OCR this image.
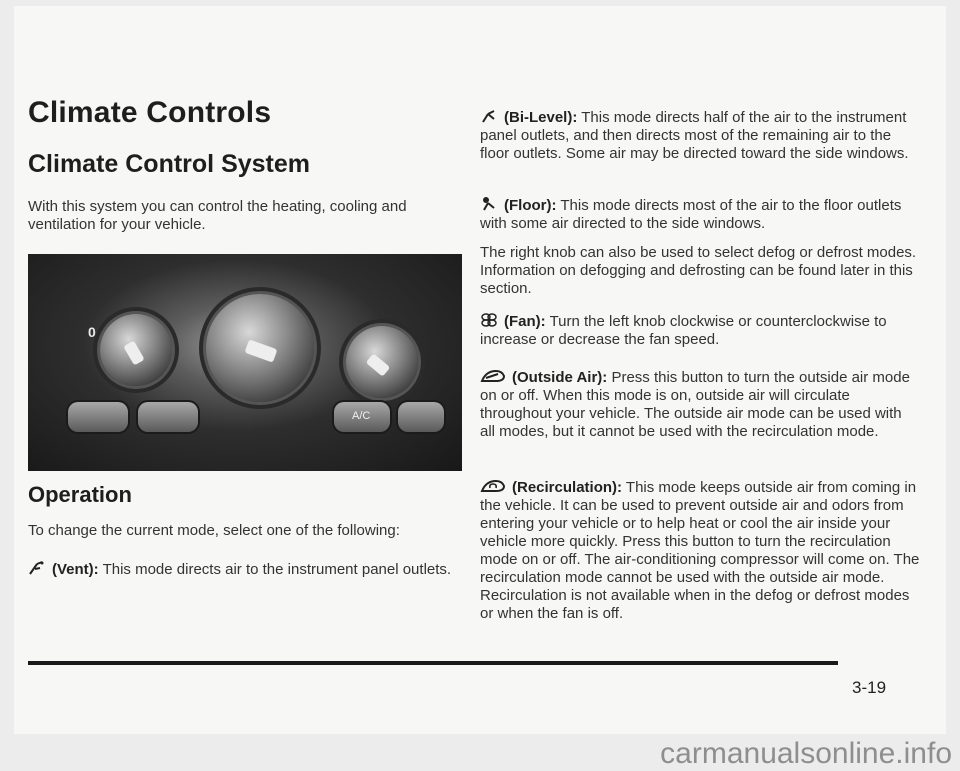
Climate Controls
Climate Control System

With this system you can control the heating, cooling and ventilation for your vehicle.

0
A/C
Operation

To change the current mode, select one of the following:

(Vent): This mode directs air to the instrument panel outlets.

(Bi-Level): This mode directs half of the air to the instrument panel outlets, and then directs most of the remaining air to the floor outlets. Some air may be directed toward the side windows.

(Floor): This mode directs most of the air to the floor outlets with some air directed to the side windows.

The right knob can also be used to select defog or defrost modes. Information on defogging and defrosting can be found later in this section.

(Fan): Turn the left knob clockwise or counterclockwise to increase or decrease the fan speed.

(Outside Air): Press this button to turn the outside air mode on or off. When this mode is on, outside air will circulate throughout your vehicle. The outside air mode can be used with all modes, but it cannot be used with the recirculation mode.

(Recirculation): This mode keeps outside air from coming in the vehicle. It can be used to prevent outside air and odors from entering your vehicle or to help heat or cool the air inside your vehicle more quickly. Press this button to turn the recirculation mode on or off. The air-conditioning compressor will come on. The recirculation mode cannot be used with the outside air mode. Recirculation is not available when in the defog or defrost modes or when the fan is off.

3-19
carmanualsonline.info
